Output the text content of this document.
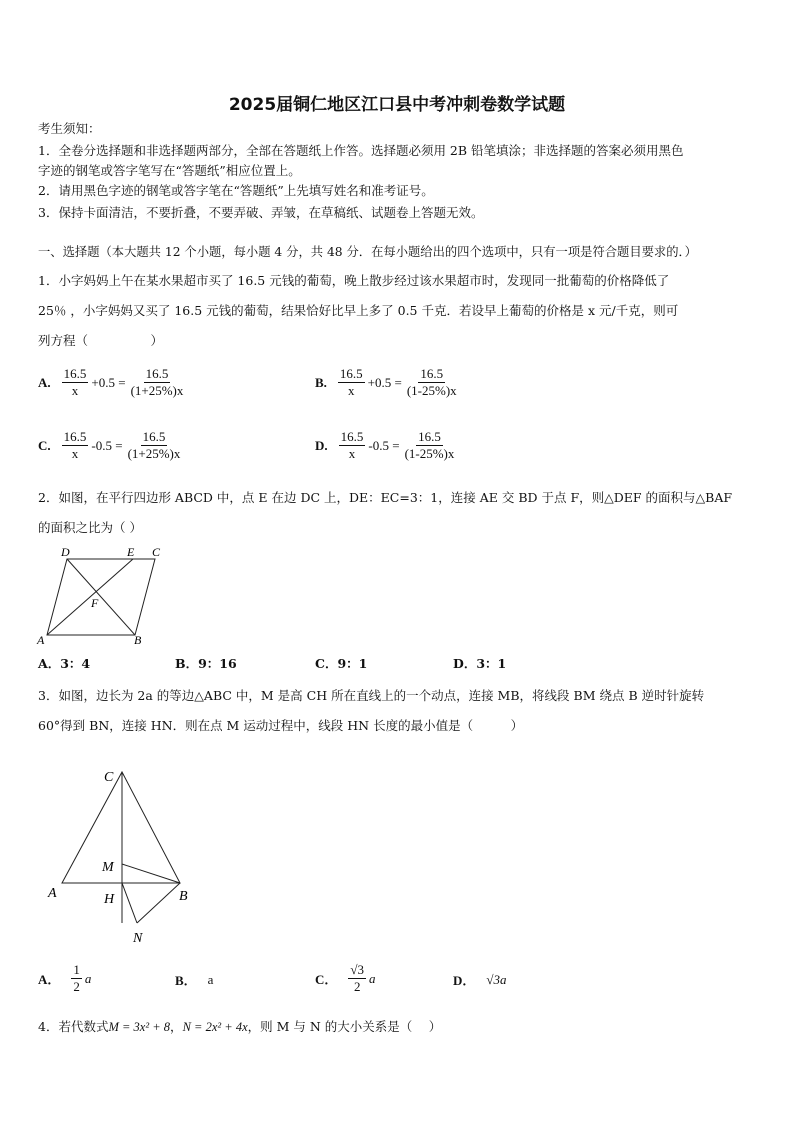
2025届铜仁地区江口县中考冲刺卷数学试题
考生须知：
1．全卷分选择题和非选择题两部分，全部在答题纸上作答。选择题必须用 2B 铅笔填涂；非选择题的答案必须用黑色
字迹的钢笔或答字笔写在“答题纸”相应位置上。
2．请用黑色字迹的钢笔或答字笔在“答题纸”上先填写姓名和准考证号。
3．保持卡面清洁，不要折叠，不要弄破、弄皱，在草稿纸、试题卷上答题无效。
一、选择题（本大题共 12 个小题，每小题 4 分，共 48 分．在每小题给出的四个选项中，只有一项是符合题目要求的．）
1．小字妈妈上午在某水果超市买了 16.5 元钱的葡萄，晚上散步经过该水果超市时，发现同一批葡萄的价格降低了
25％ ，小字妈妈又买了 16.5 元钱的葡萄，结果恰好比早上多了 0.5 千克．若设早上葡萄的价格是 x 元/千克，则可
列方程（　　　　　）
A. $\frac{16.5}{x} +0.5 = \frac{16.5}{(1+25\%)x}$	B. $\frac{16.5}{x} +0.5 = \frac{16.5}{(1-25\%)x}$
C. $\frac{16.5}{x} -0.5 = \frac{16.5}{(1+25\%)x}$	D. $\frac{16.5}{x} -0.5 = \frac{16.5}{(1-25\%)x}$
2．如图，在平行四边形 ABCD 中，点 E 在边 DC 上，DE：EC=3：1，连接 AE 交 BD 于点 F，则△DEF 的面积与△BAF
的面积之比为（ ）
D	E C
F
A	B
A．3：4	B．9：16	C．9：1	D．3：1
3．如图，边长为 2a 的等边△ABC 中，M 是高 CH 所在直线上的一个动点，连接 MB，将线段 BM 绕点 B 逆时针旋转
60°得到 BN，连接 HN．则在点 M 运动过程中，线段 HN 长度的最小值是（　　　）
C
M
A	H	B
N
A． $\frac{1}{2}$ a	B． a	C． $\frac{√3}{2}$ a	D． √3a
4．若代数式 M = 3x² + 8 ， N = 2x² + 4x ，则 M 与 N 的大小关系是（　 ）
